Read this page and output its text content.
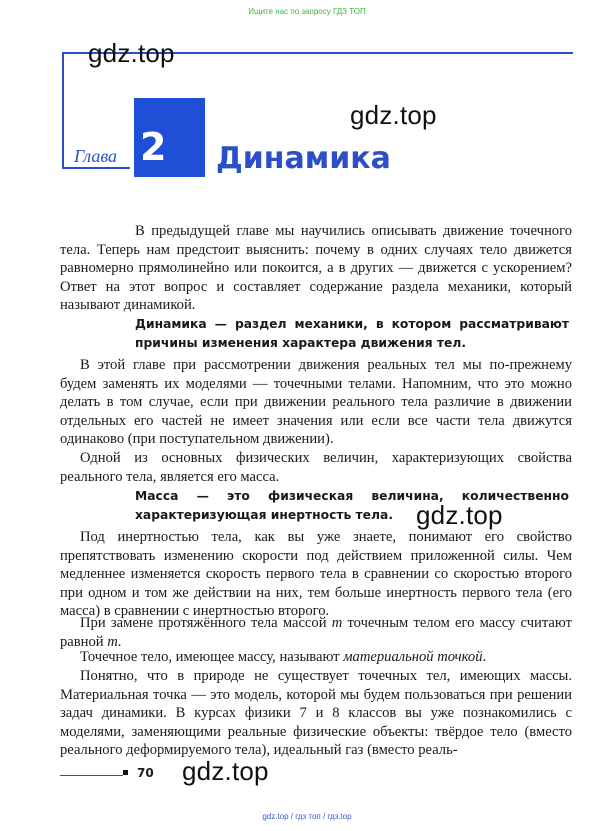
Ищите нас по запросу ГДЗ ТОП
gdz.top
gdz.top
gdz.top
gdz.top
Глава 2 Динамика

В предыдущей главе мы научились описывать движение точечного тела. Теперь нам предстоит выяснить: почему в одних случаях тело движется равномерно прямолинейно или покоится, а в других — движется с ускорением? Ответ на этот вопрос и составляет содержание раздела механики, который называют динамикой.

Динамика — раздел механики, в котором рассматривают причины изменения характера движения тел.

В этой главе при рассмотрении движения реальных тел мы по-прежнему будем заменять их моделями — точечными телами. Напомним, что это можно делать в том случае, если при движении реального тела различие в движении отдельных его частей не имеет значения или если все части тела движутся одинаково (при поступательном движении).

Одной из основных физических величин, характеризующих свойства реального тела, является его масса.

Масса — это физическая величина, количественно характеризующая инертность тела.

Под инертностью тела, как вы уже знаете, понимают его свойство препятствовать изменению скорости под действием приложенной силы. Чем медленнее изменяется скорость первого тела в сравнении со скоростью второго при одном и том же действии на них, тем больше инертность первого тела (его масса) в сравнении с инертностью второго.

При замене протяжённого тела массой m точечным телом его массу считают равной m.

Точечное тело, имеющее массу, называют материальной точкой.

Понятно, что в природе не существует точечных тел, имеющих массы. Материальная точка — это модель, которой мы будем пользоваться при решении задач динамики. В курсах физики 7 и 8 классов вы уже познакомились с моделями, заменяющими реальные физические объекты: твёрдое тело (вместо реального деформируемого тела), идеальный газ (вместо реаль-

70
gdz.top / гдз топ / гдз.top
